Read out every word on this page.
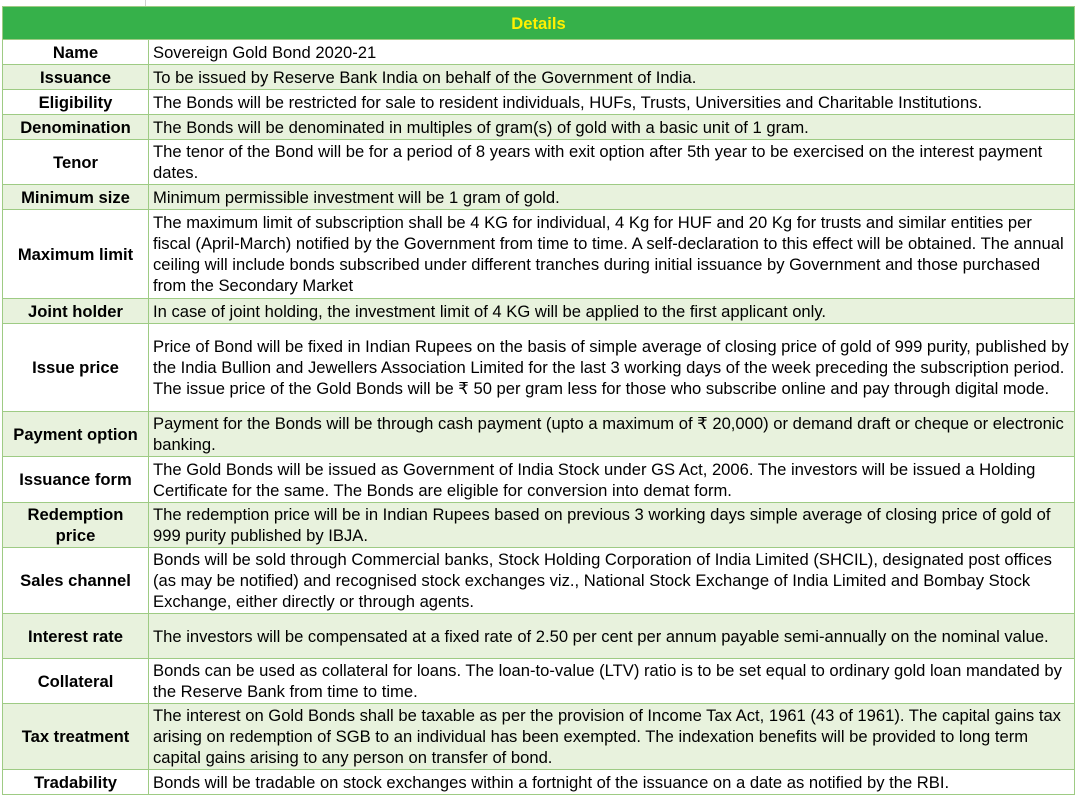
Details	
Name	Sovereign Gold Bond 2020-21
Issuance	To be issued by Reserve Bank India on behalf of the Government of India.
Eligibility	The Bonds will be restricted for sale to resident individuals, HUFs, Trusts, Universities and Charitable Institutions.
Denomination	The Bonds will be denominated in multiples of gram(s) of gold with a basic unit of 1 gram.
Tenor	The tenor of the Bond will be for a period of 8 years with exit option after 5th year to be exercised on the interest payment dates.
Minimum size	Minimum permissible investment will be 1 gram of gold.
Maximum limit	The maximum limit of subscription shall be 4 KG for individual, 4 Kg for HUF and 20 Kg for trusts and similar entities per fiscal (April-March) notified by the Government from time to time. A self-declaration to this effect will be obtained. The annual ceiling will include bonds subscribed under different tranches during initial issuance by Government and those purchased from the Secondary Market
Joint holder	In case of joint holding, the investment limit of 4 KG will be applied to the first applicant only.
Issue price	Price of Bond will be fixed in Indian Rupees on the basis of simple average of closing price of gold of 999 purity, published by the India Bullion and Jewellers Association Limited for the last 3 working days of the week preceding the subscription period. The issue price of the Gold Bonds will be ₹ 50 per gram less for those who subscribe online and pay through digital mode.
Payment option	Payment for the Bonds will be through cash payment (upto a maximum of ₹ 20,000) or demand draft or cheque or electronic banking.
Issuance form	The Gold Bonds will be issued as Government of India Stock under GS Act, 2006. The investors will be issued a Holding Certificate for the same. The Bonds are eligible for conversion into demat form.
Redemption price	The redemption price will be in Indian Rupees based on previous 3 working days simple average of closing price of gold of 999 purity published by IBJA.
Sales channel	Bonds will be sold through Commercial banks, Stock Holding Corporation of India Limited (SHCIL), designated post offices (as may be notified) and recognised stock exchanges viz., National Stock Exchange of India Limited and Bombay Stock Exchange, either directly or through agents.
Interest rate	The investors will be compensated at a fixed rate of 2.50 per cent per annum payable semi-annually on the nominal value.
Collateral	Bonds can be used as collateral for loans. The loan-to-value (LTV) ratio is to be set equal to ordinary gold loan mandated by the Reserve Bank from time to time.
Tax treatment	The interest on Gold Bonds shall be taxable as per the provision of Income Tax Act, 1961 (43 of 1961). The capital gains tax arising on redemption of SGB to an individual has been exempted. The indexation benefits will be provided to long term capital gains arising to any person on transfer of bond.
Tradability	Bonds will be tradable on stock exchanges within a fortnight of the issuance on a date as notified by the RBI.
